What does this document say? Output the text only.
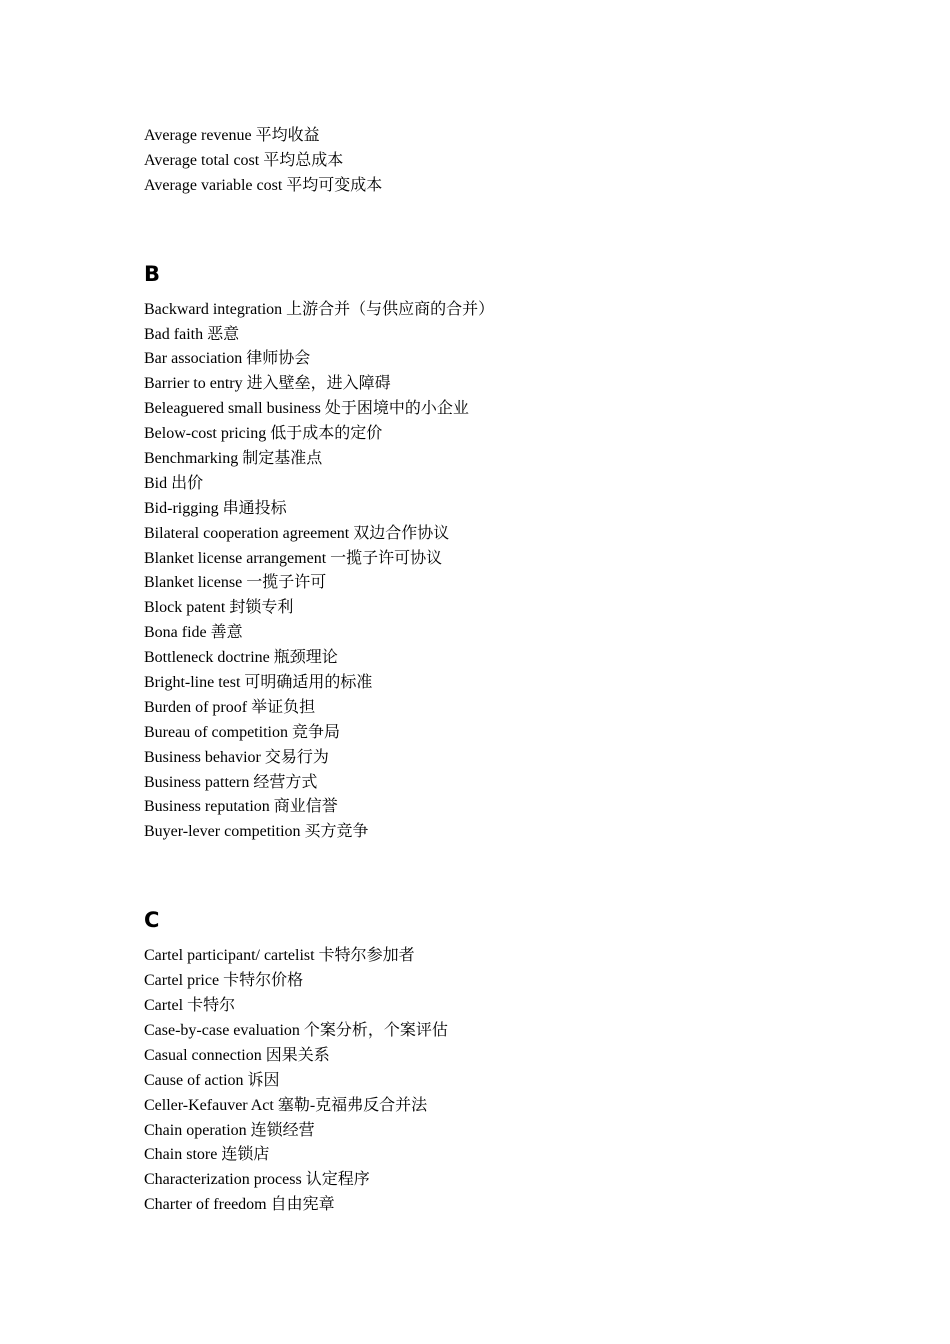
Average revenue 平均收益
Average total cost 平均总成本
Average variable cost 平均可变成本
B
Backward integration 上游合并（与供应商的合并）
Bad faith 恶意
Bar association 律师协会
Barrier to entry 进入壁垒，进入障碍
Beleaguered small business 处于困境中的小企业
Below-cost pricing 低于成本的定价
Benchmarking 制定基准点
Bid 出价
Bid-rigging 串通投标
Bilateral cooperation agreement 双边合作协议
Blanket license arrangement 一揽子许可协议
Blanket license 一揽子许可
Block patent 封锁专利
Bona fide 善意
Bottleneck doctrine 瓶颈理论
Bright-line test 可明确适用的标准
Burden of proof 举证负担
Bureau of competition 竞争局
Business behavior 交易行为
Business pattern 经营方式
Business reputation 商业信誉
Buyer-lever competition 买方竞争
C
Cartel participant/ cartelist 卡特尔参加者
Cartel price 卡特尔价格
Cartel 卡特尔
Case-by-case evaluation 个案分析，个案评估
Casual connection 因果关系
Cause of action 诉因
Celler-Kefauver Act 塞勒-克福弗反合并法
Chain operation 连锁经营
Chain store 连锁店
Characterization process 认定程序
Charter of freedom 自由宪章
